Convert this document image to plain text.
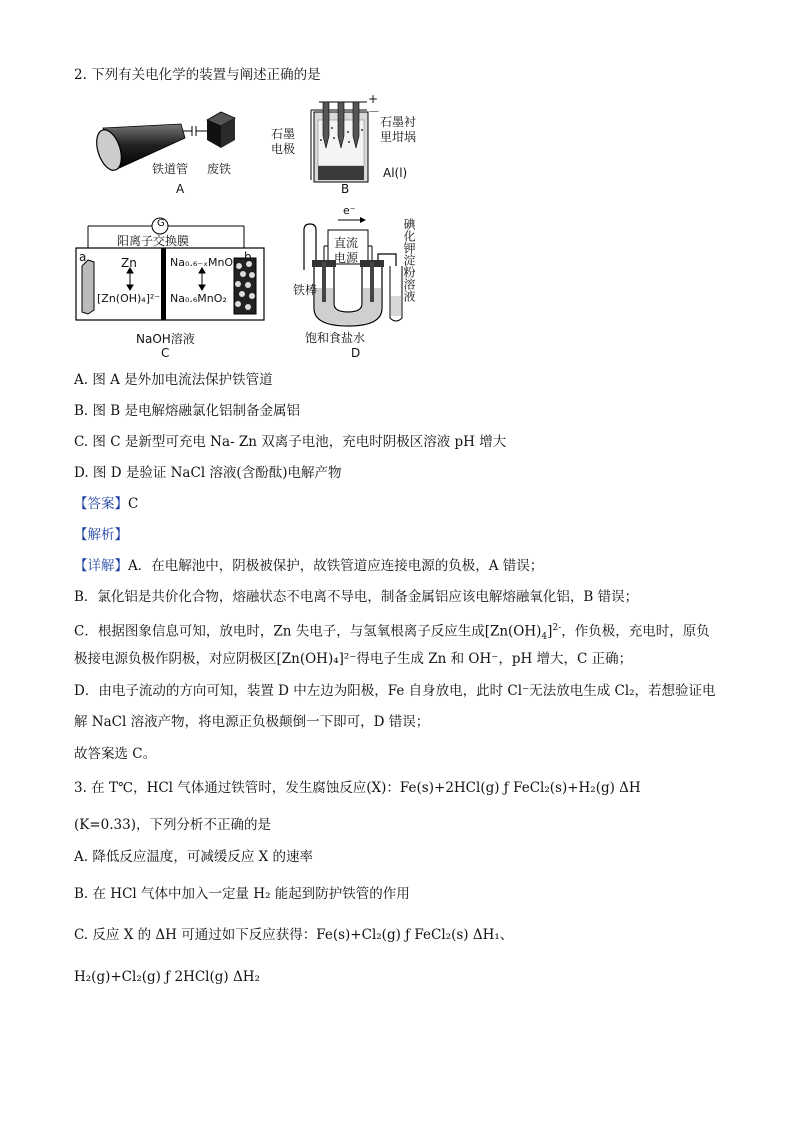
2. 下列有关电化学的装置与阐述正确的是
铁道管 废铁
A
+
－
石墨衬
里坩埚
石墨
电极
Al(l)
B
G
阳离子交换膜
a	b
Zn
[Zn(OH)₄]²⁻
Na₀.₆₋ₓMnO₂
Na₀.₆MnO₂
NaOH溶液
C
e⁻
直流
电源
铁棒
饱和食盐水
碘化钾淀粉溶液
D
A. 图 A 是外加电流法保护铁管道
B. 图 B 是电解熔融氯化铝制备金属铝
C. 图 C 是新型可充电 Na- Zn 双离子电池，充电时阴极区溶液 pH 增大
D. 图 D 是验证 NaCl 溶液(含酚酞)电解产物
【答案】C
【解析】
【详解】A．在电解池中，阴极被保护，故铁管道应连接电源的负极，A 错误；
B．氯化铝是共价化合物，熔融状态不电离不导电，制备金属铝应该电解熔融氧化铝，B 错误；
C．根据图象信息可知，放电时，Zn 失电子，与氢氧根离子反应生成$[Zn(OH)_4]^{2-}$，作负极，充电时，原负
极接电源负极作阴极，对应阴极区[Zn(OH)₄]²⁻得电子生成 Zn 和 OH⁻，pH 增大，C 正确；
D．由电子流动的方向可知，装置 D 中左边为阳极，Fe 自身放电，此时 Cl⁻无法放电生成 Cl₂，若想验证电
解 NaCl 溶液产物，将电源正负极颠倒一下即可，D 错误；
故答案选 C。
3. 在 T℃，HCl 气体通过铁管时，发生腐蚀反应(X)：Fe(s)+2HCl(g) ƒ FeCl₂(s)+H₂(g) ΔH
(K=0.33)，下列分析不正确的是
A. 降低反应温度，可减缓反应 X 的速率
B. 在 HCl 气体中加入一定量 H₂ 能起到防护铁管的作用
C. 反应 X 的 ΔH 可通过如下反应获得：Fe(s)+Cl₂(g) ƒ FeCl₂(s) ΔH₁、
H₂(g)+Cl₂(g) ƒ 2HCl(g) ΔH₂
